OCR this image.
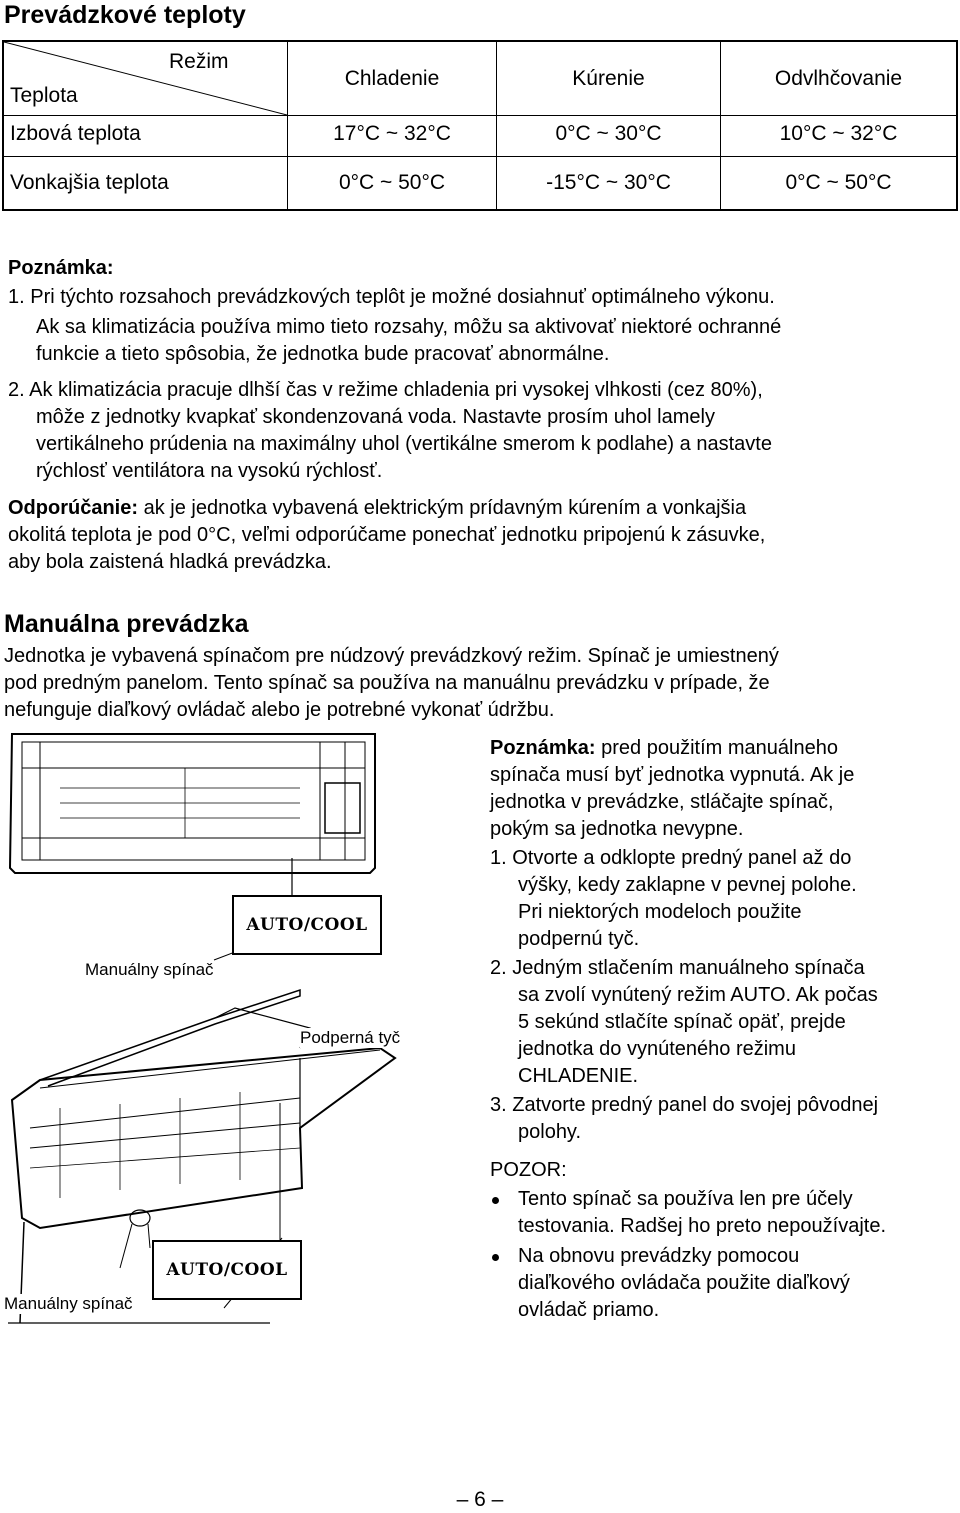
Prevádzkové teploty
Režim
Teplota
Chladenie	Kúrenie	Odvlhčovanie
Izbová teplota	17°C ~ 32°C	0°C ~ 30°C	10°C ~ 32°C
Vonkajšia teplota	0°C ~ 50°C	-15°C ~ 30°C	0°C ~ 50°C
Poznámka:
1. Pri týchto rozsahoch prevádzkových teplôt je možné dosiahnuť optimálneho výkonu.
Ak sa klimatizácia používa mimo tieto rozsahy, môžu sa aktivovať niektoré ochranné
funkcie a tieto spôsobia, že jednotka bude pracovať abnormálne.
2. Ak klimatizácia pracuje dlhší čas v režime chladenia pri vysokej vlhkosti (cez 80%),
môže z jednotky kvapkať skondenzovaná voda. Nastavte prosím uhol lamely
vertikálneho prúdenia na maximálny uhol (vertikálne smerom k podlahe) a nastavte
rýchlosť ventilátora na vysokú rýchlosť.
Odporúčanie: ak je jednotka vybavená elektrickým prídavným kúrením a vonkajšia
okolitá teplota je pod 0°C, veľmi odporúčame ponechať jednotku pripojenú k zásuvke,
aby bola zaistená hladká prevádzka.
Manuálna prevádzka
Jednotka je vybavená spínačom pre núdzový prevádzkový režim. Spínač je umiestnený
pod predným panelom. Tento spínač sa používa na manuálnu prevádzku v prípade, že
nefunguje diaľkový ovládač alebo je potrebné vykonať údržbu.
AUTO/COOL
Manuálny spínač
Podperná tyč
AUTO/COOL
Manuálny spínač
Poznámka: pred použitím manuálneho
spínača musí byť jednotka vypnutá. Ak je
jednotka v prevádzke, stláčajte spínač,
pokým sa jednotka nevypne.
1. Otvorte a odklopte predný panel až do
výšky, kedy zaklapne v pevnej polohe.
Pri niektorých modeloch použite
podpernú tyč.
2. Jedným stlačením manuálneho spínača
sa zvolí vynútený režim AUTO. Ak počas
5 sekúnd stlačíte spínač opäť, prejde
jednotka do vynúteného režimu
CHLADENIE.
3. Zatvorte predný panel do svojej pôvodnej
polohy.
POZOR:
Tento spínač sa používa len pre účely
testovania. Radšej ho preto nepoužívajte.
Na obnovu prevádzky pomocou
diaľkového ovládača použite diaľkový
ovládač priamo.
– 6 –
